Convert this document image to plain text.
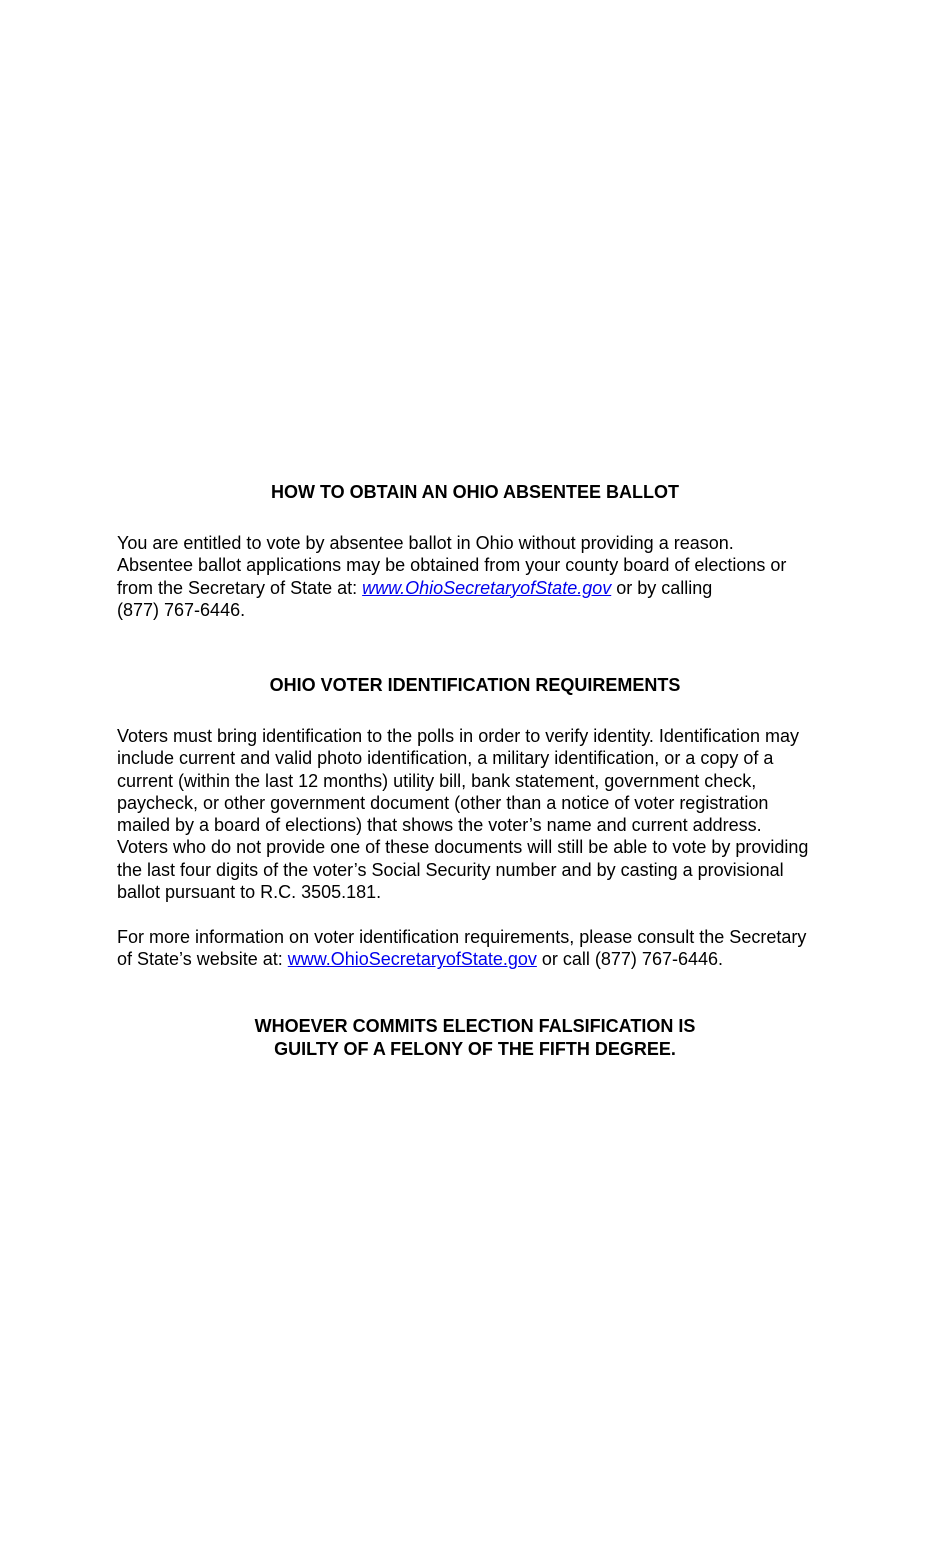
HOW TO OBTAIN AN OHIO ABSENTEE BALLOT

You are entitled to vote by absentee ballot in Ohio without providing a reason.
Absentee ballot applications may be obtained from your county board of elections or
from the Secretary of State at: www.OhioSecretaryofState.gov or by calling
(877) 767-6446.

OHIO VOTER IDENTIFICATION REQUIREMENTS

Voters must bring identification to the polls in order to verify identity. Identification may
include current and valid photo identification, a military identification, or a copy of a
current (within the last 12 months) utility bill, bank statement, government check,
paycheck, or other government document (other than a notice of voter registration
mailed by a board of elections) that shows the voter’s name and current address.
Voters who do not provide one of these documents will still be able to vote by providing
the last four digits of the voter’s Social Security number and by casting a provisional
ballot pursuant to R.C. 3505.181.

For more information on voter identification requirements, please consult the Secretary
of State’s website at: www.OhioSecretaryofState.gov or call (877) 767-6446.

WHOEVER COMMITS ELECTION FALSIFICATION IS
GUILTY OF A FELONY OF THE FIFTH DEGREE.
